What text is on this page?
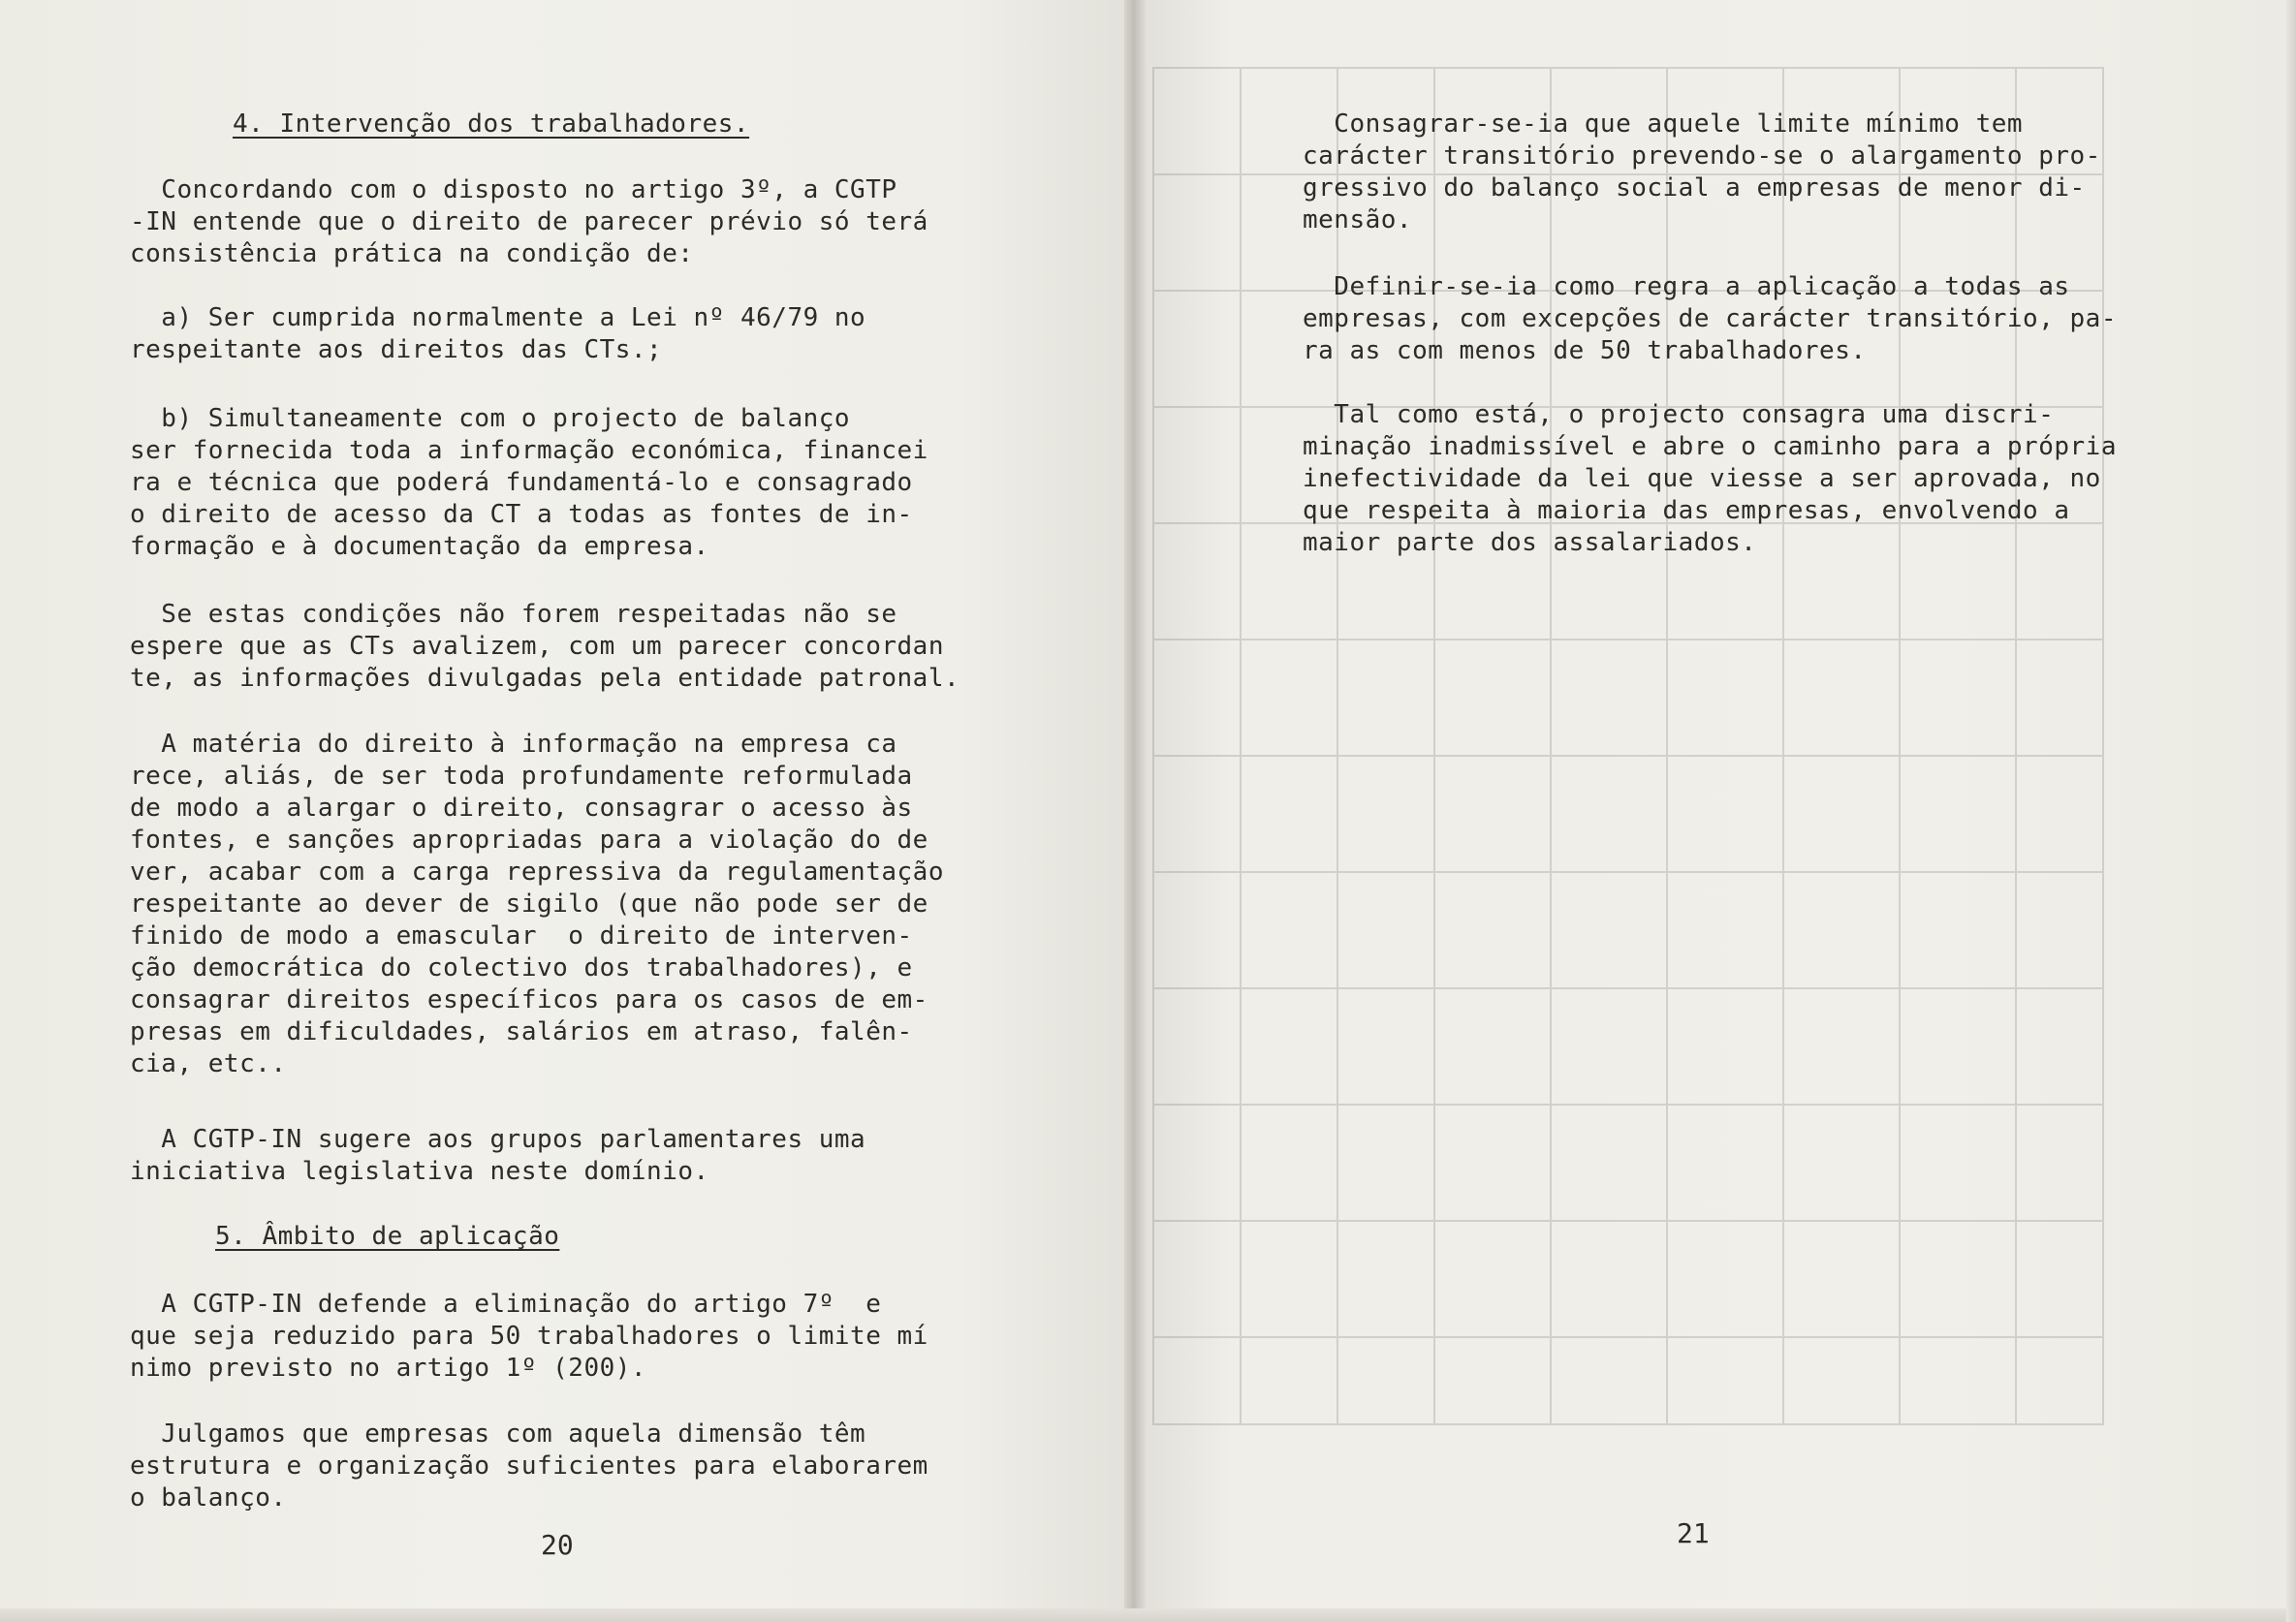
4. Intervenção dos trabalhadores.
Concordando com o disposto no artigo 3º, a CGTP
-IN entende que o direito de parecer prévio só terá
consistência prática na condição de:
a) Ser cumprida normalmente a Lei nº 46/79 no
respeitante aos direitos das CTs.;
b) Simultaneamente com o projecto de balanço
ser fornecida toda a informação económica, financei
ra e técnica que poderá fundamentá-lo e consagrado
o direito de acesso da CT a todas as fontes de in-
formação e à documentação da empresa.
Se estas condições não forem respeitadas não se
espere que as CTs avalizem, com um parecer concordan
te, as informações divulgadas pela entidade patronal.
A matéria do direito à informação na empresa ca
rece, aliás, de ser toda profundamente reformulada
de modo a alargar o direito, consagrar o acesso às
fontes, e sanções apropriadas para a violação do de
ver, acabar com a carga repressiva da regulamentação
respeitante ao dever de sigilo (que não pode ser de
finido de modo a emascular  o direito de interven-
ção democrática do colectivo dos trabalhadores), e
consagrar direitos específicos para os casos de em-
presas em dificuldades, salários em atraso, falên-
cia, etc..
A CGTP-IN sugere aos grupos parlamentares uma
iniciativa legislativa neste domínio.
5. Âmbito de aplicação
A CGTP-IN defende a eliminação do artigo 7º  e
que seja reduzido para 50 trabalhadores o limite mí
nimo previsto no artigo 1º (200).
Julgamos que empresas com aquela dimensão têm
estrutura e organização suficientes para elaborarem
o balanço.
20
Consagrar-se-ia que aquele limite mínimo tem
carácter transitório prevendo-se o alargamento pro-
gressivo do balanço social a empresas de menor di-
mensão.
Definir-se-ia como regra a aplicação a todas as
empresas, com excepções de carácter transitório, pa-
ra as com menos de 50 trabalhadores.
Tal como está, o projecto consagra uma discri-
minação inadmissível e abre o caminho para a própria
inefectividade da lei que viesse a ser aprovada, no
que respeita à maioria das empresas, envolvendo a
maior parte dos assalariados.
21
